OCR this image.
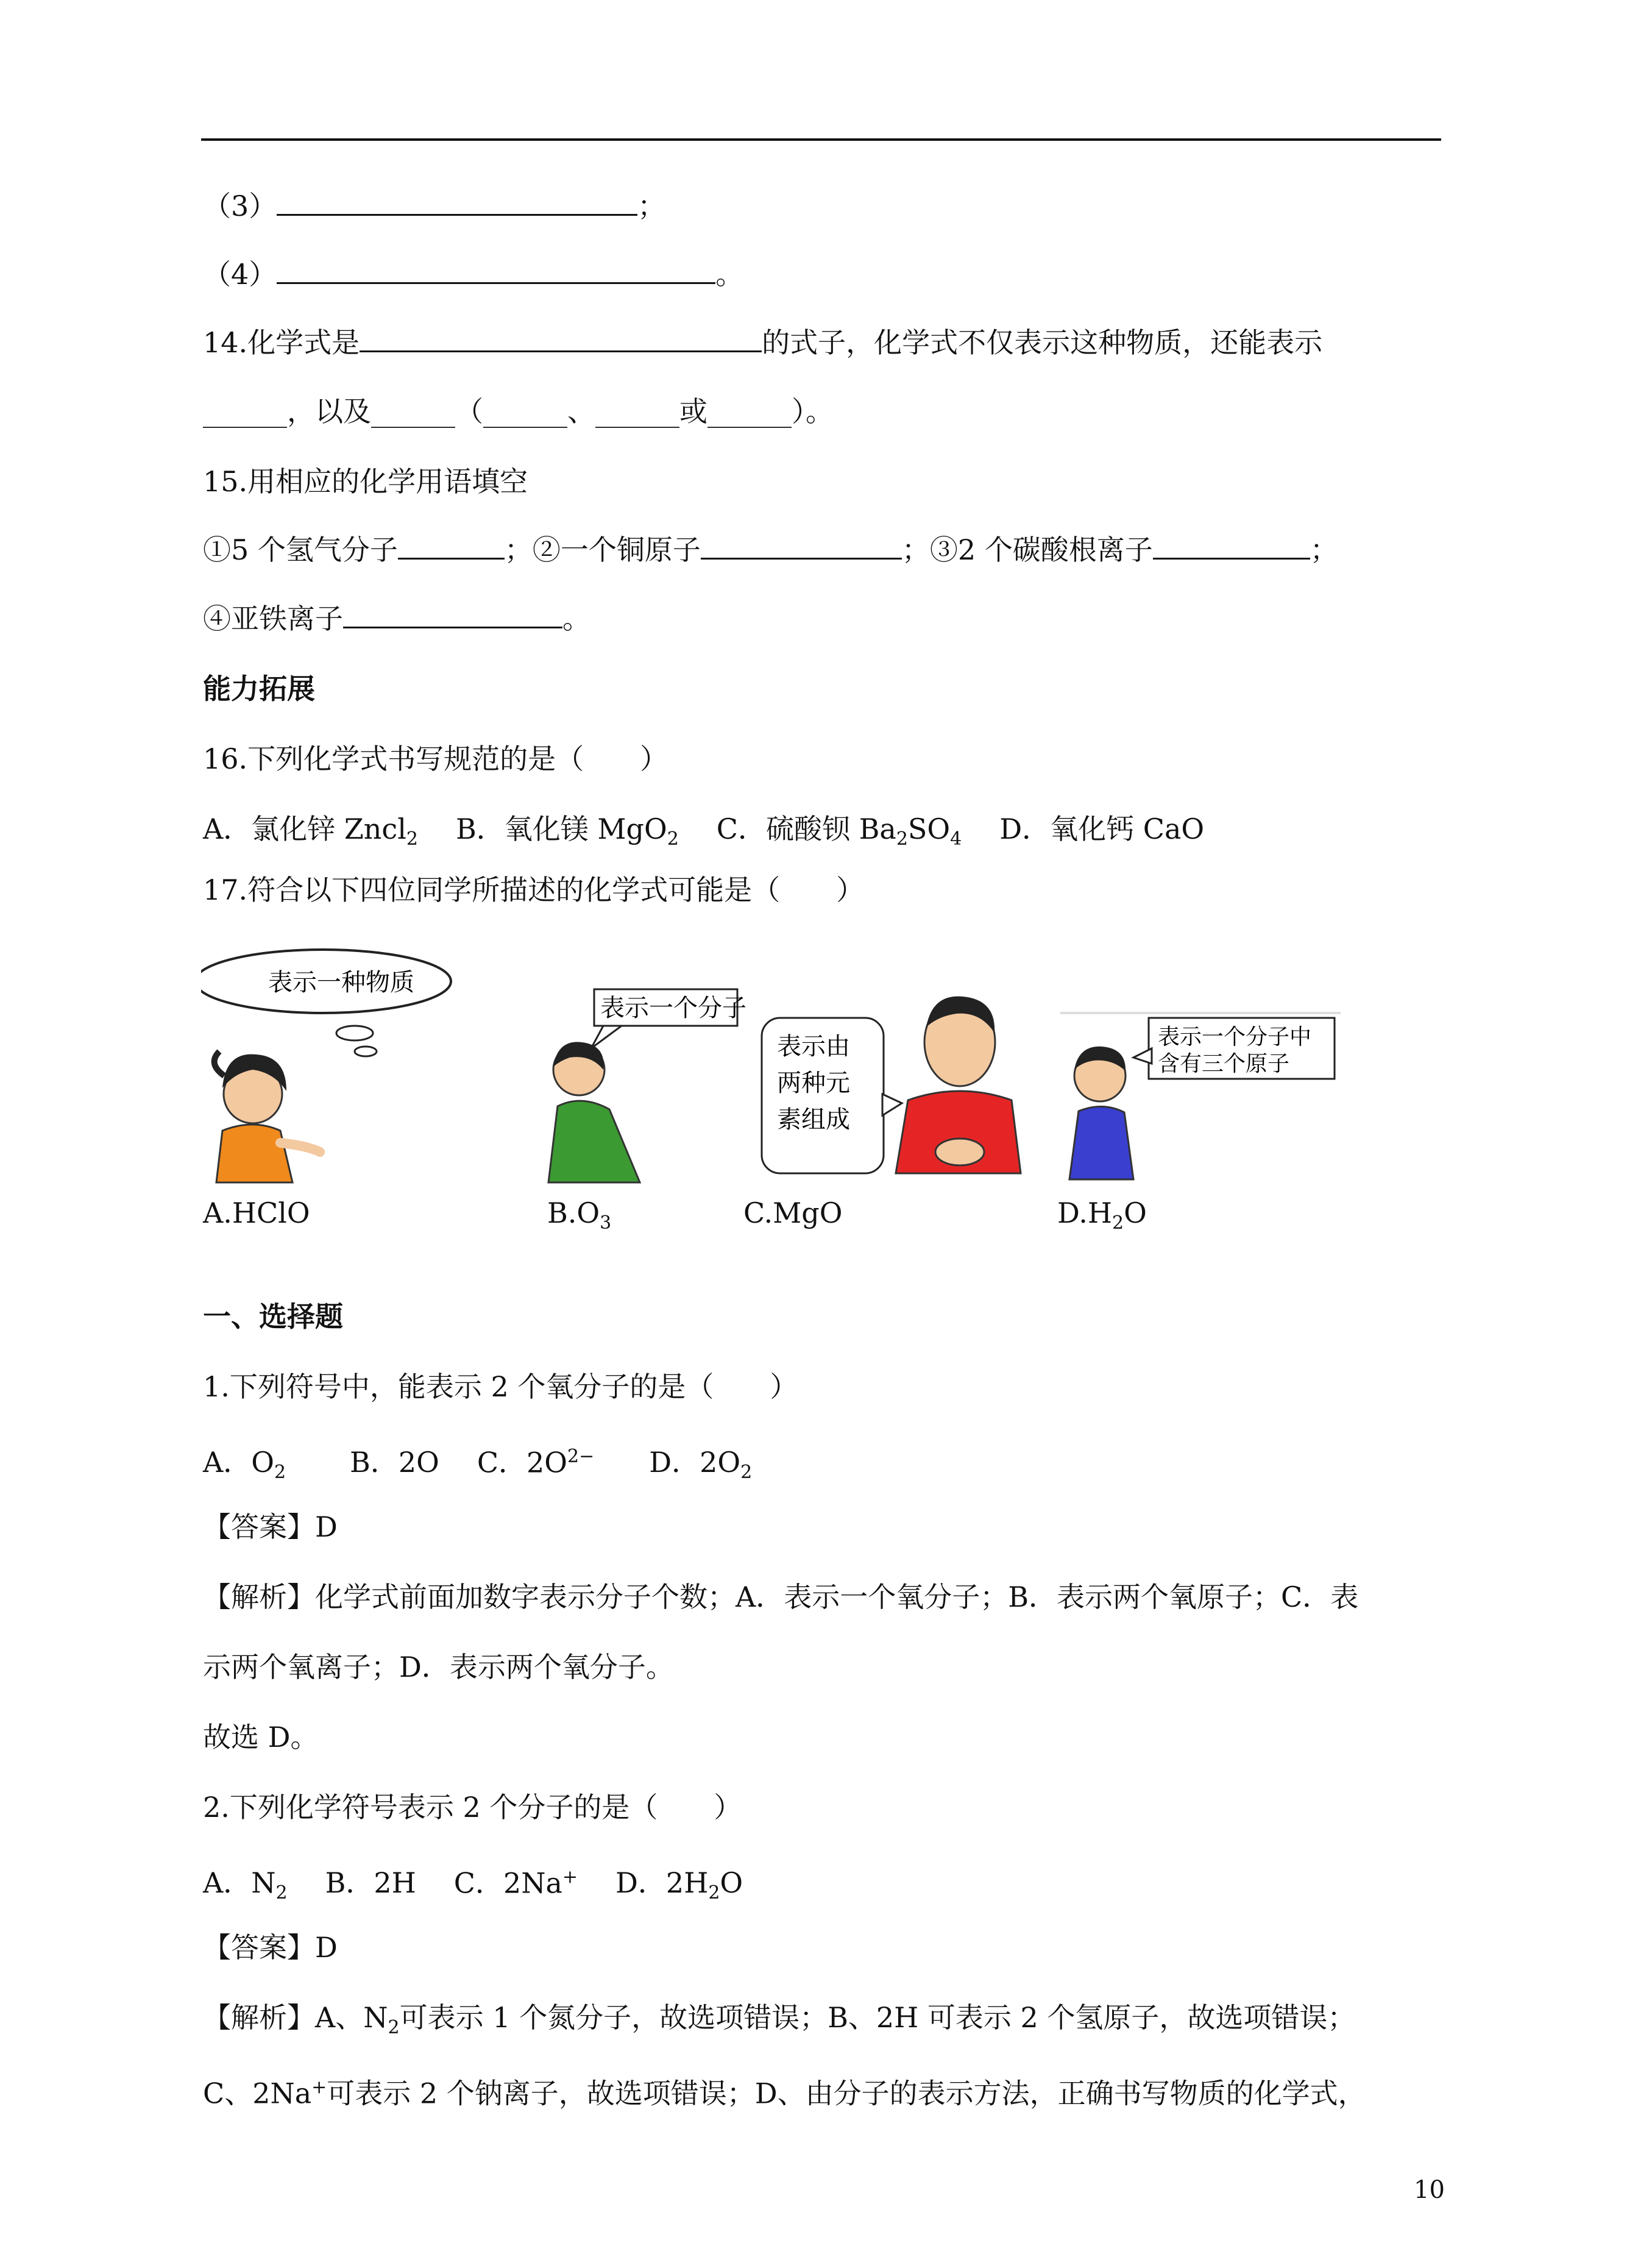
（3）	；
（4）	。
14.化学式是	的式子，化学式不仅表示这种物质，还能表示
______，以及______（______、______或______）。
15.用相应的化学用语填空
①5 个氢气分子	；②一个铜原子	；③2 个碳酸根离子	；
④亚铁离子	。
能力拓展
16.下列化学式书写规范的是（　　）
A．氯化锌 Zncl$_2$ B．氧化镁 MgO$_2$ C．硫酸钡 $Ba_2SO_4$ D．氧化钙 CaO
17.符合以下四位同学所描述的化学式可能是（　　）
表示一种物质
表示一个分子
表示由
两种元
素组成
表示一个分子中
含有三个原子
A.HClO	$B.O_3$	C.MgO	$D.H_2O$
一、选择题
1.下列符号中，能表示 2 个氧分子的是（　　）
A．$O_2$ B．2O C．$2O^{2-}$ D．$2O_2$
【答案】D
【解析】化学式前面加数字表示分子个数；A．表示一个氧分子；B．表示两个氧原子；C．表
示两个氧离子；D．表示两个氧分子。
故选 D。
2.下列化学符号表示 2 个分子的是（　　）
A．$N_2$ B．2H C．2Na+ D．$2H_2O$
【答案】D
【解析】A、$N_2$可表示 1 个氮分子，故选项错误；B、2H 可表示 2 个氢原子，故选项错误；
C、2Na+可表示 2 个钠离子，故选项错误；D、由分子的表示方法，正确书写物质的化学式，
10
